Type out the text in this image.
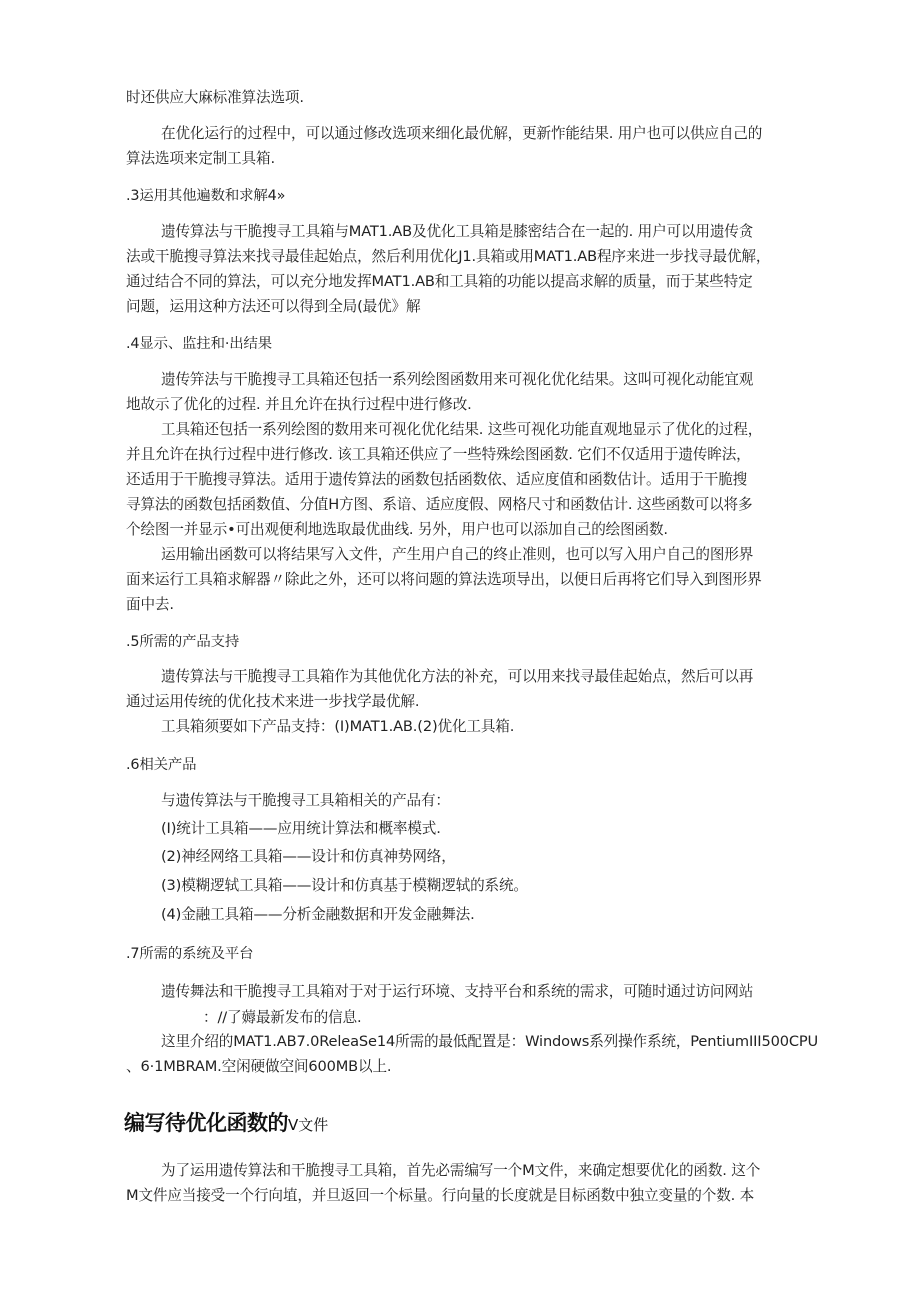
时还供应大麻标准算法选项.
在优化运行的过程中，可以通过修改选项来细化最优解，更新怍能结果. 用户也可以供应自己的
算法选项来定制工具箱.
.3运用其他遍数和求解4»
遗传算法与干脆搜寻工具箱与MAT1.AB及优化工具箱是膝密结合在一起的. 用户可以用遗传贪
法或干脆搜寻算法来找寻最佳起始点，然后利用优化J1.具箱或用MAT1.AB程序来进一步找寻最优解，
通过结合不同的算法，可以充分地发挥MAT1.AB和工具箱的功能以提高求解的质量，而于某些特定
问题，运用这种方法还可以得到全局(最优》解
.4显示、监拄和·出结果
遗传笄法与干脆搜寻工具箱还包括一系列绘图函数用来可视化优化结果。这叫可视化动能宜观
地故示了优化的过程. 并且允许在执行过程中进行修改.
工具箱还包括一系列绘图的数用来可视化优化结果. 这些可视化功能直观地显示了优化的过程，
并且允许在执行过程中进行修改. 该工具箱还供应了一些特殊绘图函数. 它们不仅适用于遗传眸法，
还适用于干脆搜寻算法。适用于遗传算法的函数包括函数依、适应度值和函数估计。适用于干脆搜
寻算法的函数包括函数值、分值H方图、系谙、适应度假、网格尺寸和函数估计. 这些函数可以将多
个绘图一并显示•可出观便利地选取最优曲线. 另外，用户也可以添加自己的绘图函数.
运用输出函数可以将结果写入文件，产生用户自己的终止准则，也可以写入用户自己的图形界
面来运行工具箱求解器〃除此之外，还可以将问题的算法选项导出，以便日后再将它们导入到图形界
面中去.
.5所需的产品支持
遗传算法与干脆搜寻工具箱作为其他优化方法的补充，可以用来找寻最佳起始点，然后可以再
通过运用传统的优化技术来进一步找学最优解.
工具箱须要如下产品支持：(I)MAT1.AB.(2)优化工具箱.
.6相关产品
与遗传算法与干脆搜寻工具箱相关的产品有：
(I)统计工具箱——应用统计算法和概率模式.
(2)神经网络工具箱——设计和仿真神势网络，
(3)模糊逻轼工具箱——设计和仿真基于模糊逻轼的系统。
(4)金融工具箱——分析金融数据和开发金融舞法.
.7所需的系统及平台
遗传舞法和干脆搜寻工具箱对于对于运行环境、支持平台和系统的需求，可随时通过访问网站
：//了薅最新发布的信息.
这里介绍的MAT1.AB7.0ReleaSe14所需的最低配置是：Windows系列操作系统，PentiumIII500CPU
、6·1MBRAM.空闲硬做空间600MB以上.
编写待优化函数的V文件
为了运用遗传算法和干脆搜寻工具箱，首先必需编写一个M文件，来确定想要优化的函数. 这个
M文件应当接受一个行向埴，并旦返回一个标量。行向量的长度就是目标函数中独立变量的个数. 本
